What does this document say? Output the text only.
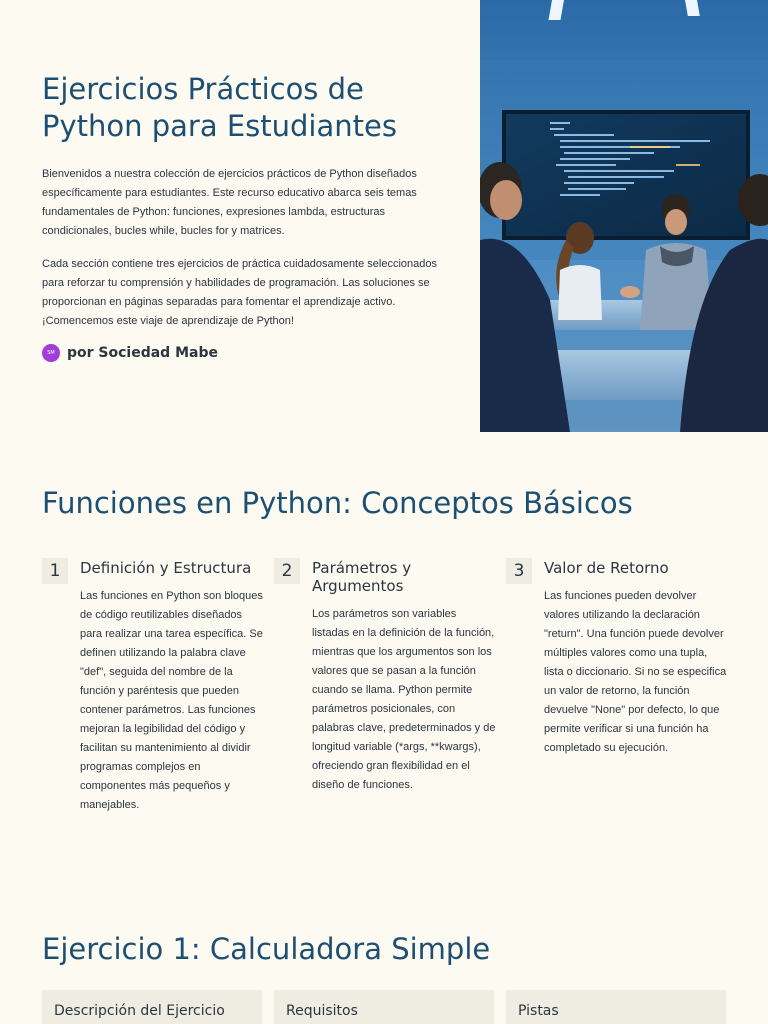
Ejercicios Prácticos de Python para Estudiantes

Bienvenidos a nuestra colección de ejercicios prácticos de Python diseñados específicamente para estudiantes. Este recurso educativo abarca seis temas fundamentales de Python: funciones, expresiones lambda, estructuras condicionales, bucles while, bucles for y matrices.

Cada sección contiene tres ejercicios de práctica cuidadosamente seleccionados para reforzar tu comprensión y habilidades de programación. Las soluciones se proporcionan en páginas separadas para fomentar el aprendizaje activo. ¡Comencemos este viaje de aprendizaje de Python!

SM por Sociedad Mabe
Funciones en Python: Conceptos Básicos
1	Definición y Estructura

Las funciones en Python son bloques de código reutilizables diseñados para realizar una tarea específica. Se definen utilizando la palabra clave "def", seguida del nombre de la función y paréntesis que pueden contener parámetros. Las funciones mejoran la legibilidad del código y facilitan su mantenimiento al dividir programas complejos en componentes más pequeños y manejables.

2	Parámetros y Argumentos

Los parámetros son variables listadas en la definición de la función, mientras que los argumentos son los valores que se pasan a la función cuando se llama. Python permite parámetros posicionales, con palabras clave, predeterminados y de longitud variable (*args, **kwargs), ofreciendo gran flexibilidad en el diseño de funciones.

3	Valor de Retorno

Las funciones pueden devolver valores utilizando la declaración "return". Una función puede devolver múltiples valores como una tupla, lista o diccionario. Si no se especifica un valor de retorno, la función devuelve "None" por defecto, lo que permite verificar si una función ha completado su ejecución.

Ejercicio 1: Calculadora Simple
Descripción del Ejercicio	Requisitos	Pistas
